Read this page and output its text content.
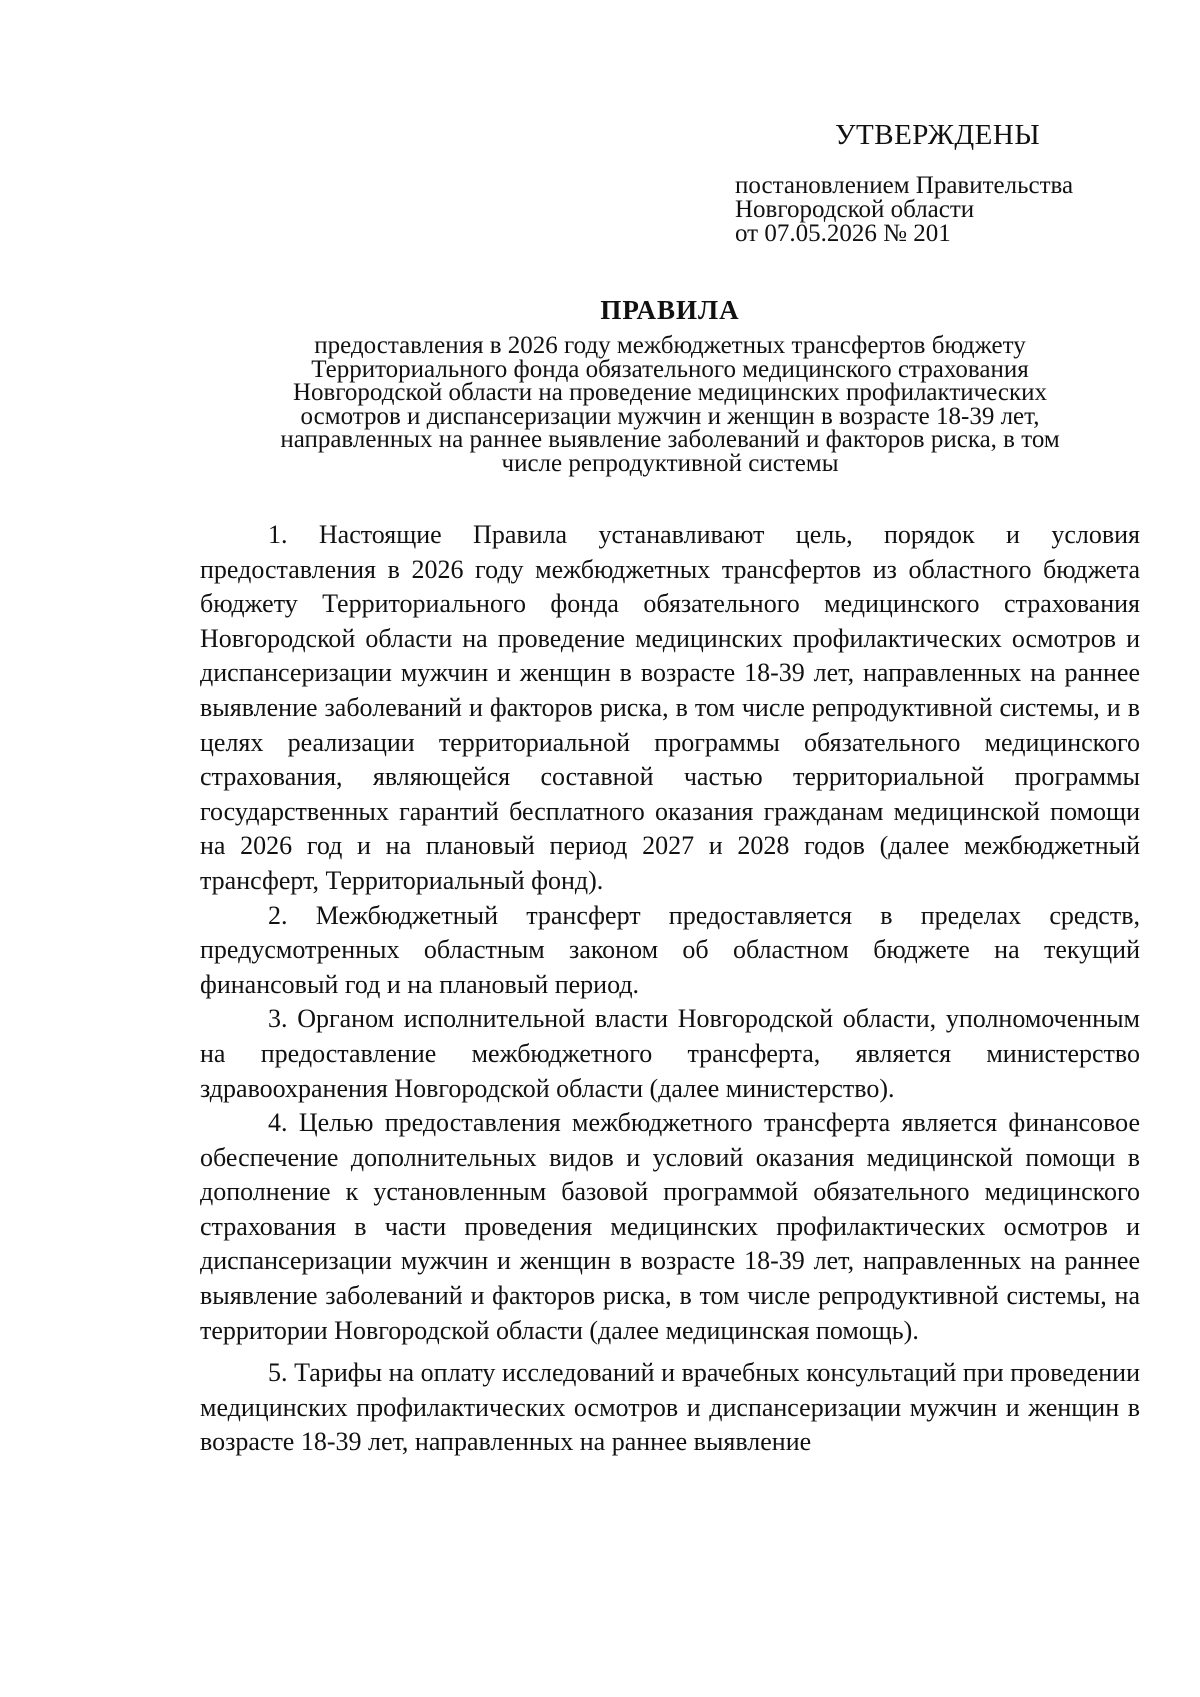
УТВЕРЖДЕНЫ
постановлением Правительства
Новгородской области
от 07.05.2026 № 201
ПРАВИЛА
предоставления в 2026 году межбюджетных трансфертов бюджету
Территориального фонда обязательного медицинского страхования
Новгородской области на проведение медицинских профилактических
осмотров и диспансеризации мужчин и женщин в возрасте 18-39 лет,
направленных на раннее выявление заболеваний и факторов риска, в том
числе репродуктивной системы

1. Настоящие Правила устанавливают цель, порядок и условия предоставления в 2026 году межбюджетных трансфертов из областного бюджета бюджету Территориального фонда обязательного медицинского страхования Новгородской области на проведение медицинских профилактических осмотров и диспансеризации мужчин и женщин в возрасте 18-39 лет, направленных на раннее выявление заболеваний и факторов риска, в том числе репродуктивной системы, и в целях реализации территориальной программы обязательного медицинского страхования, являющейся составной частью территориальной программы государственных гарантий бесплатного оказания гражданам медицинской помощи на 2026 год и на плановый период 2027 и 2028 годов (далее межбюджетный трансферт, Территориальный фонд).

2. Межбюджетный трансферт предоставляется в пределах средств, предусмотренных областным законом об областном бюджете на текущий финансовый год и на плановый период.

3. Органом исполнительной власти Новгородской области, уполномоченным на предоставление межбюджетного трансферта, является министерство здравоохранения Новгородской области (далее министерство).

4. Целью предоставления межбюджетного трансферта является финансовое обеспечение дополнительных видов и условий оказания медицинской помощи в дополнение к установленным базовой программой обязательного медицинского страхования в части проведения медицинских профилактических осмотров и диспансеризации мужчин и женщин в возрасте 18-39 лет, направленных на раннее выявление заболеваний и факторов риска, в том числе репродуктивной системы, на территории Новгородской области (далее медицинская помощь).

5. Тарифы на оплату исследований и врачебных консультаций при проведении медицинских профилактических осмотров и диспансеризации мужчин и женщин в возрасте 18-39 лет, направленных на раннее выявление
